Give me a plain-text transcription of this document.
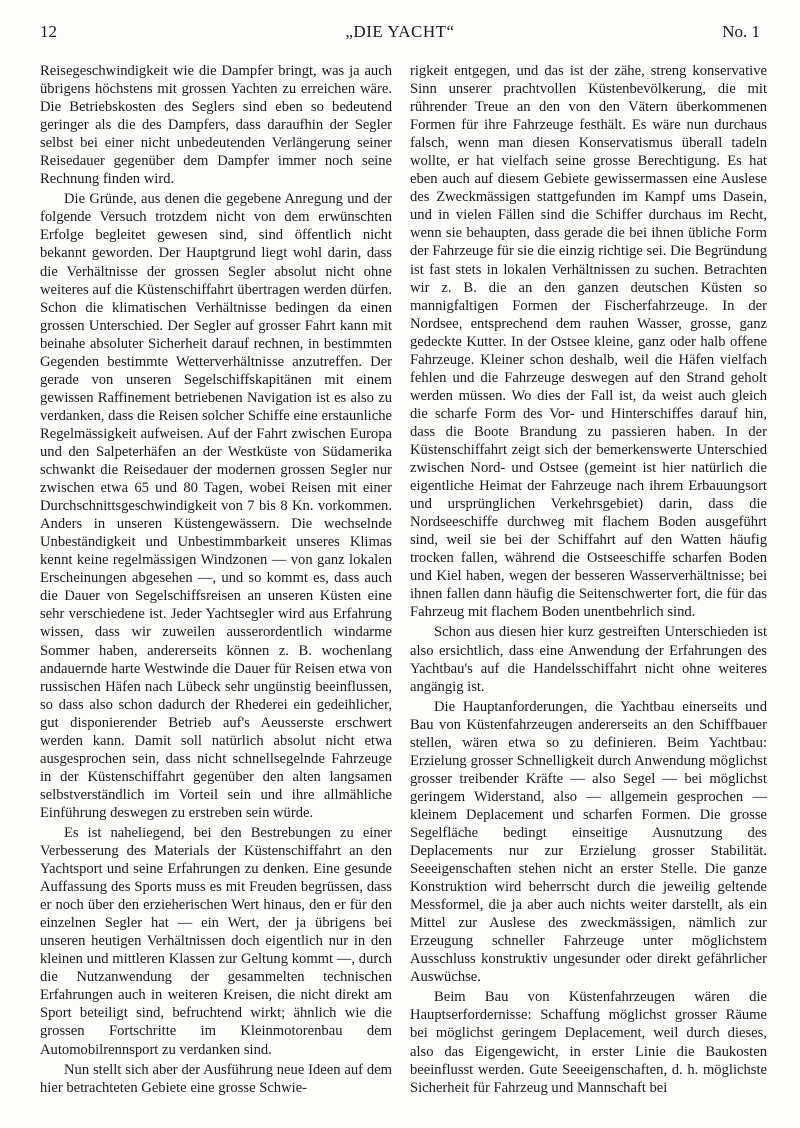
12	„DIE YACHT“	No. 1

Reisegeschwindigkeit wie die Dampfer bringt, was ja auch übrigens höchstens mit grossen Yachten zu erreichen wäre. Die Betriebskosten des Seglers sind eben so bedeutend geringer als die des Dampfers, dass daraufhin der Segler selbst bei einer nicht unbedeutenden Verlängerung seiner Reisedauer gegenüber dem Dampfer immer noch seine Rechnung finden wird.

Die Gründe, aus denen die gegebene Anregung und der folgende Versuch trotzdem nicht von dem erwünschten Erfolge begleitet gewesen sind, sind öffentlich nicht bekannt geworden. Der Hauptgrund liegt wohl darin, dass die Verhältnisse der grossen Segler absolut nicht ohne weiteres auf die Küstenschiffahrt übertragen werden dürfen. Schon die klimatischen Verhältnisse bedingen da einen grossen Unterschied. Der Segler auf grosser Fahrt kann mit beinahe absoluter Sicherheit darauf rechnen, in bestimmten Gegenden bestimmte Wetterverhältnisse anzutreffen. Der gerade von unseren Segelschiffskapitänen mit einem gewissen Raffinement betriebenen Navigation ist es also zu verdanken, dass die Reisen solcher Schiffe eine erstaunliche Regelmässigkeit aufweisen. Auf der Fahrt zwischen Europa und den Salpeterhäfen an der Westküste von Südamerika schwankt die Reisedauer der modernen grossen Segler nur zwischen etwa 65 und 80 Tagen, wobei Reisen mit einer Durchschnittsgeschwindigkeit von 7 bis 8 Kn. vorkommen. Anders in unseren Küstengewässern. Die wechselnde Unbeständigkeit und Unbestimmbarkeit unseres Klimas kennt keine regelmässigen Windzonen — von ganz lokalen Erscheinungen abgesehen —, und so kommt es, dass auch die Dauer von Segelschiffsreisen an unseren Küsten eine sehr verschiedene ist. Jeder Yachtsegler wird aus Erfahrung wissen, dass wir zuweilen ausserordentlich windarme Sommer haben, andererseits können z. B. wochenlang andauernde harte Westwinde die Dauer für Reisen etwa von russischen Häfen nach Lübeck sehr ungünstig beeinflussen, so dass also schon dadurch der Rhederei ein gedeihlicher, gut disponierender Betrieb auf's Aeusserste erschwert werden kann. Damit soll natürlich absolut nicht etwa ausgesprochen sein, dass nicht schnellsegelnde Fahrzeuge in der Küstenschiffahrt gegenüber den alten langsamen selbstverständlich im Vorteil sein und ihre allmähliche Einführung deswegen zu erstreben sein würde.

Es ist naheliegend, bei den Bestrebungen zu einer Verbesserung des Materials der Küstenschiffahrt an den Yachtsport und seine Erfahrungen zu denken. Eine gesunde Auffassung des Sports muss es mit Freuden begrüssen, dass er noch über den erzieherischen Wert hinaus, den er für den einzelnen Segler hat — ein Wert, der ja übrigens bei unseren heutigen Verhältnissen doch eigentlich nur in den kleinen und mittleren Klassen zur Geltung kommt —, durch die Nutzanwendung der gesammelten technischen Erfahrungen auch in weiteren Kreisen, die nicht direkt am Sport beteiligt sind, befruchtend wirkt; ähnlich wie die grossen Fortschritte im Kleinmotorenbau dem Automobilrennsport zu verdanken sind.

Nun stellt sich aber der Ausführung neue Ideen auf dem hier betrachteten Gebiete eine grosse Schwie-

rigkeit entgegen, und das ist der zähe, streng konservative Sinn unserer prachtvollen Küstenbevölkerung, die mit rührender Treue an den von den Vätern überkommenen Formen für ihre Fahrzeuge festhält. Es wäre nun durchaus falsch, wenn man diesen Konservatismus überall tadeln wollte, er hat vielfach seine grosse Berechtigung. Es hat eben auch auf diesem Gebiete gewissermassen eine Auslese des Zweckmässigen stattgefunden im Kampf ums Dasein, und in vielen Fällen sind die Schiffer durchaus im Recht, wenn sie behaupten, dass gerade die bei ihnen übliche Form der Fahrzeuge für sie die einzig richtige sei. Die Begründung ist fast stets in lokalen Verhältnissen zu suchen. Betrachten wir z. B. die an den ganzen deutschen Küsten so mannigfaltigen Formen der Fischerfahrzeuge. In der Nordsee, entsprechend dem rauhen Wasser, grosse, ganz gedeckte Kutter. In der Ostsee kleine, ganz oder halb offene Fahrzeuge. Kleiner schon deshalb, weil die Häfen vielfach fehlen und die Fahrzeuge deswegen auf den Strand geholt werden müssen. Wo dies der Fall ist, da weist auch gleich die scharfe Form des Vor- und Hinterschiffes darauf hin, dass die Boote Brandung zu passieren haben. In der Küstenschiffahrt zeigt sich der bemerkenswerte Unterschied zwischen Nord- und Ostsee (gemeint ist hier natürlich die eigentliche Heimat der Fahrzeuge nach ihrem Erbauungsort und ursprünglichen Verkehrsgebiet) darin, dass die Nordseeschiffe durchweg mit flachem Boden ausgeführt sind, weil sie bei der Schiffahrt auf den Watten häufig trocken fallen, während die Ostseeschiffe scharfen Boden und Kiel haben, wegen der besseren Wasserverhältnisse; bei ihnen fallen dann häufig die Seitenschwerter fort, die für das Fahrzeug mit flachem Boden unentbehrlich sind.

Schon aus diesen hier kurz gestreiften Unterschieden ist also ersichtlich, dass eine Anwendung der Erfahrungen des Yachtbau's auf die Handelsschiffahrt nicht ohne weiteres angängig ist.

Die Hauptanforderungen, die Yachtbau einerseits und Bau von Küstenfahrzeugen andererseits an den Schiffbauer stellen, wären etwa so zu definieren. Beim Yachtbau: Erzielung grosser Schnelligkeit durch Anwendung möglichst grosser treibender Kräfte — also Segel — bei möglichst geringem Widerstand, also — allgemein gesprochen — kleinem Deplacement und scharfen Formen. Die grosse Segelfläche bedingt einseitige Ausnutzung des Deplacements nur zur Erzielung grosser Stabilität. Seeeigenschaften stehen nicht an erster Stelle. Die ganze Konstruktion wird beherrscht durch die jeweilig geltende Messformel, die ja aber auch nichts weiter darstellt, als ein Mittel zur Auslese des zweckmässigen, nämlich zur Erzeugung schneller Fahrzeuge unter möglichstem Ausschluss konstruktiv ungesunder oder direkt gefährlicher Auswüchse.

Beim Bau von Küstenfahrzeugen wären die Hauptserfordernisse: Schaffung möglichst grosser Räume bei möglichst geringem Deplacement, weil durch dieses, also das Eigengewicht, in erster Linie die Baukosten beeinflusst werden. Gute Seeeigenschaften, d. h. möglichste Sicherheit für Fahrzeug und Mannschaft bei
